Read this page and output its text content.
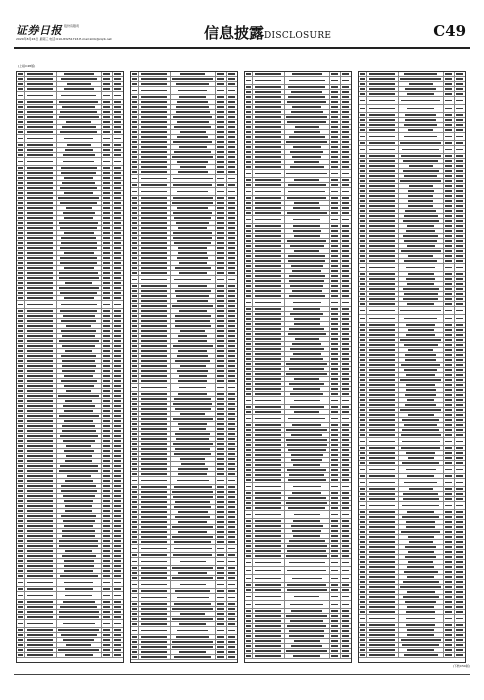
证券日报 股份有限责
2020年8月26日 星期三 电话:010-83251716 E-mail:zmb@zqrb.net	信息披露DISCLOSURE	C49
(上接C48版)
(下转C50版)
